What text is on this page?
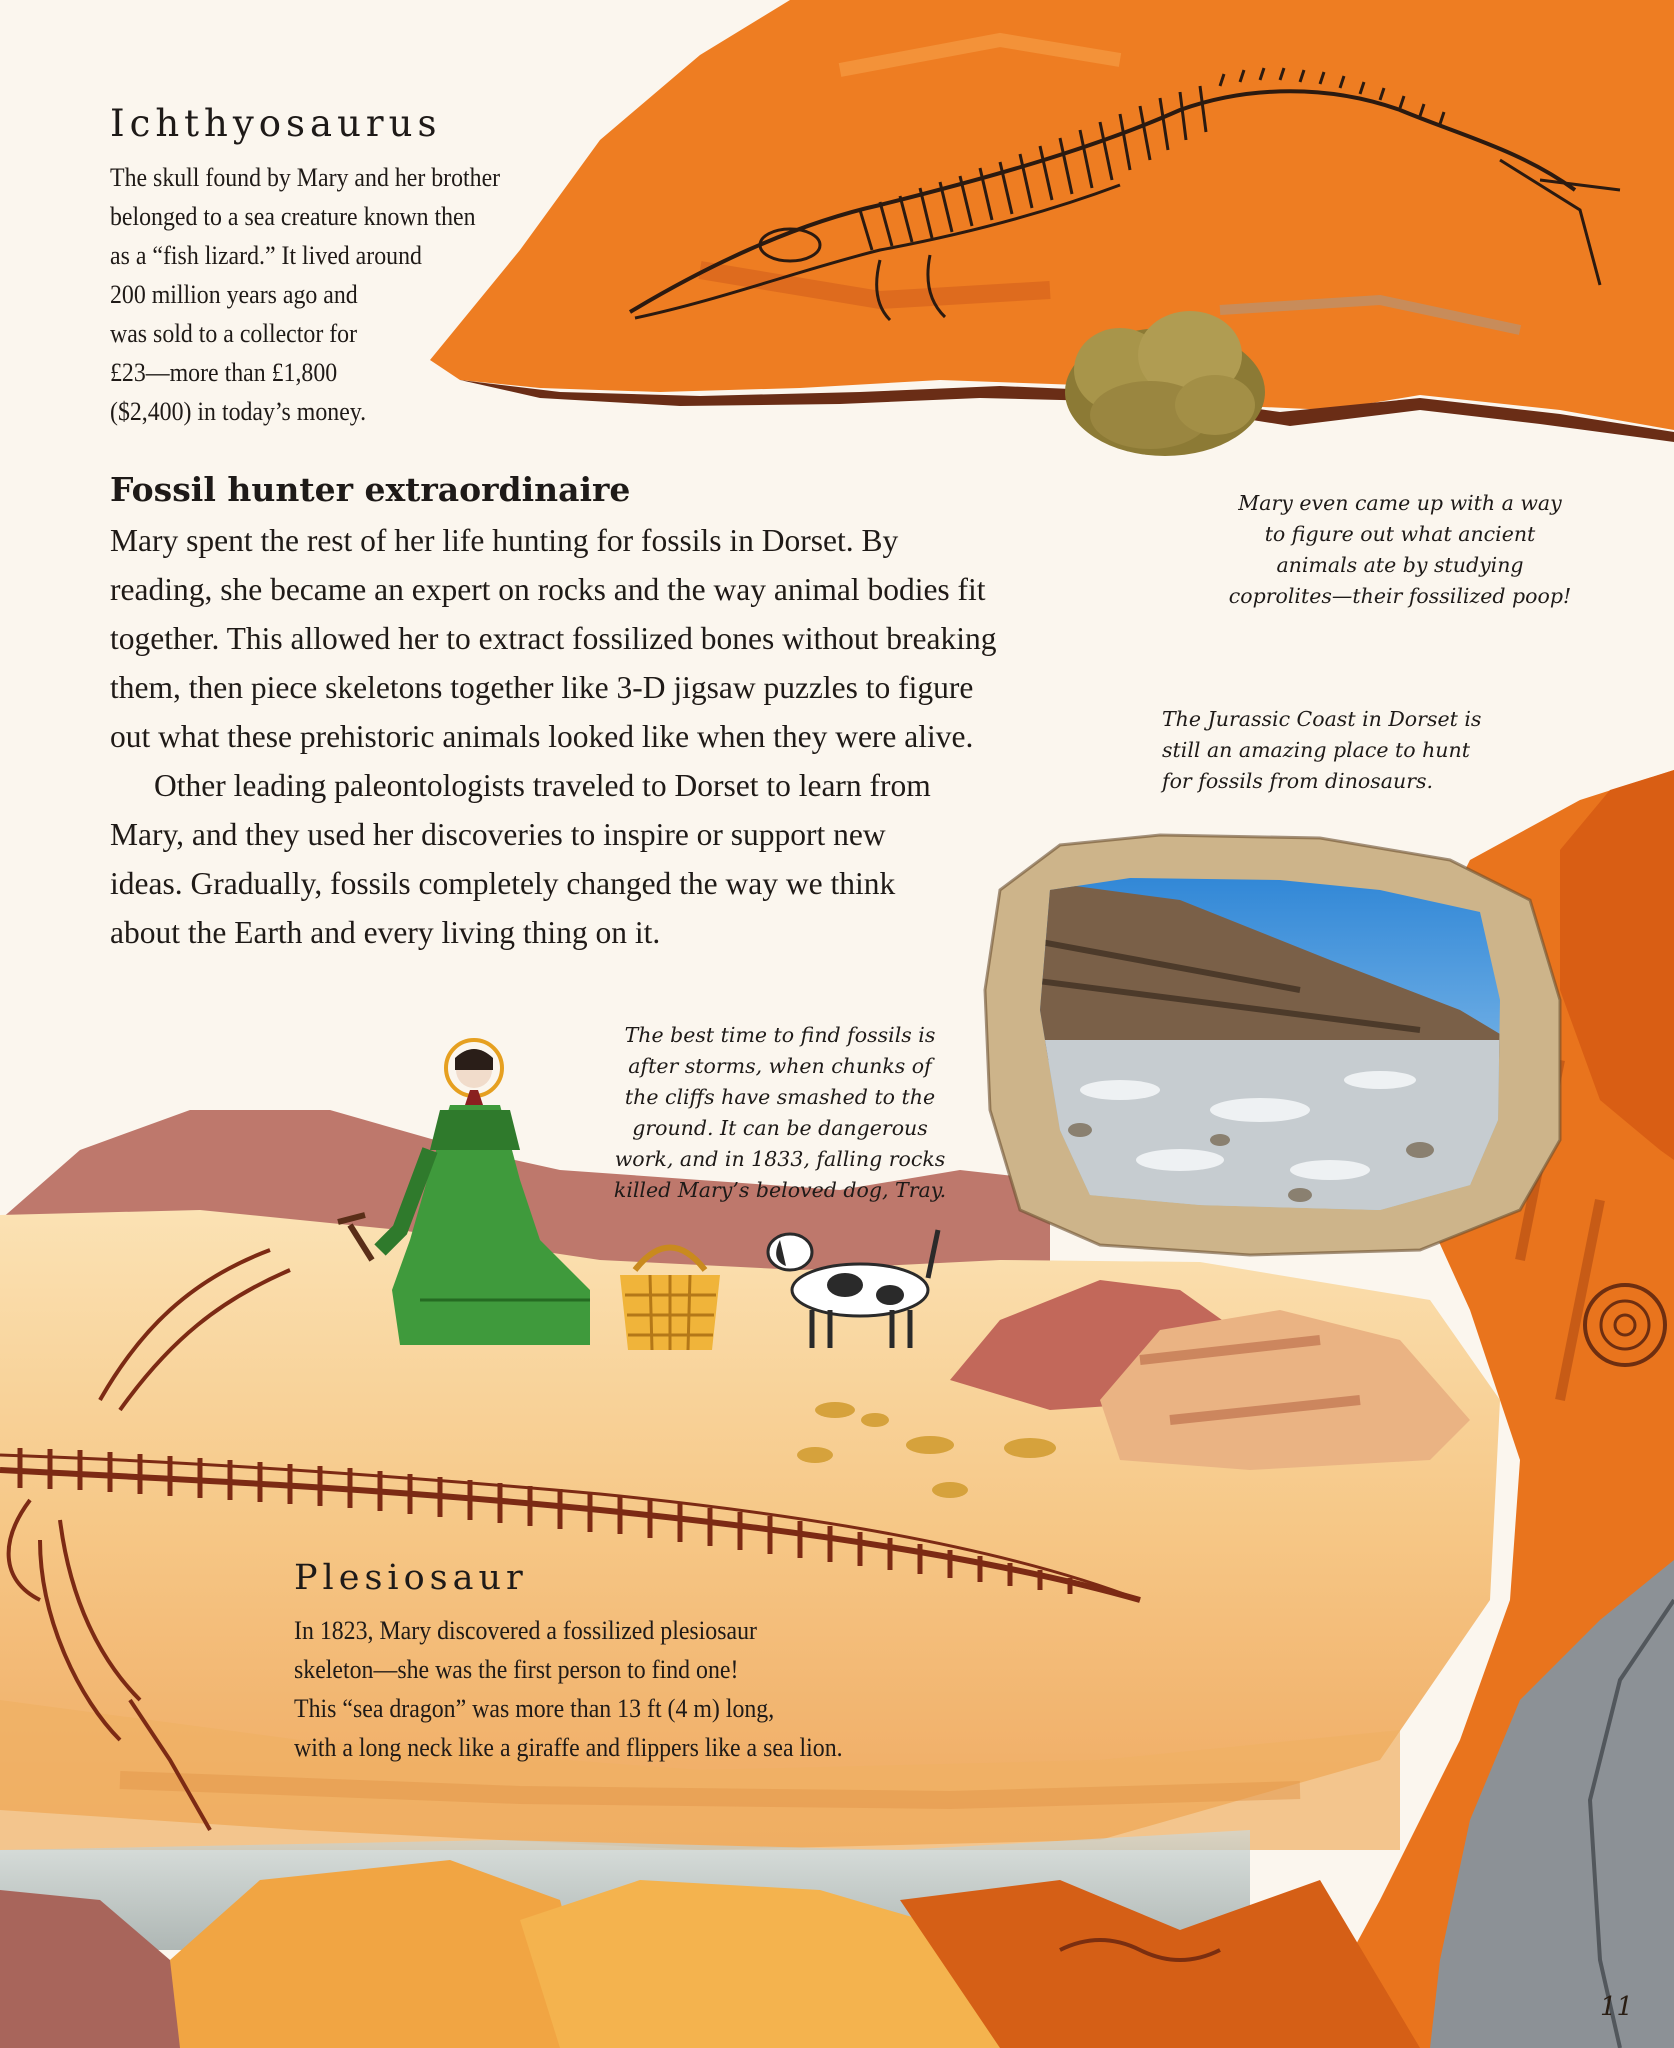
Ichthyosaurus
The skull found by Mary and her brother
belonged to a sea creature known then
as a “fish lizard.” It lived around
200 million years ago and
was sold to a collector for
£23—more than £1,800
($2,400) in today’s money.
Fossil hunter extraordinaire
Mary spent the rest of her life hunting for fossils in Dorset. By
reading, she became an expert on rocks and the way animal bodies fit
together. This allowed her to extract fossilized bones without breaking
them, then piece skeletons together like 3-D jigsaw puzzles to figure
out what these prehistoric animals looked like when they were alive.
Other leading paleontologists traveled to Dorset to learn from
Mary, and they used her discoveries to inspire or support new
ideas. Gradually, fossils completely changed the way we think
about the Earth and every living thing on it.
Mary even came up with a way
to figure out what ancient
animals ate by studying
coprolites—their fossilized poop!
The Jurassic Coast in Dorset is
still an amazing place to hunt
for fossils from dinosaurs.
The best time to find fossils is
after storms, when chunks of
the cliffs have smashed to the
ground. It can be dangerous
work, and in 1833, falling rocks
killed Mary’s beloved dog, Tray.
Plesiosaur
In 1823, Mary discovered a fossilized plesiosaur
skeleton—she was the first person to find one!
This “sea dragon” was more than 13 ft (4 m) long,
with a long neck like a giraffe and flippers like a sea lion.
11
